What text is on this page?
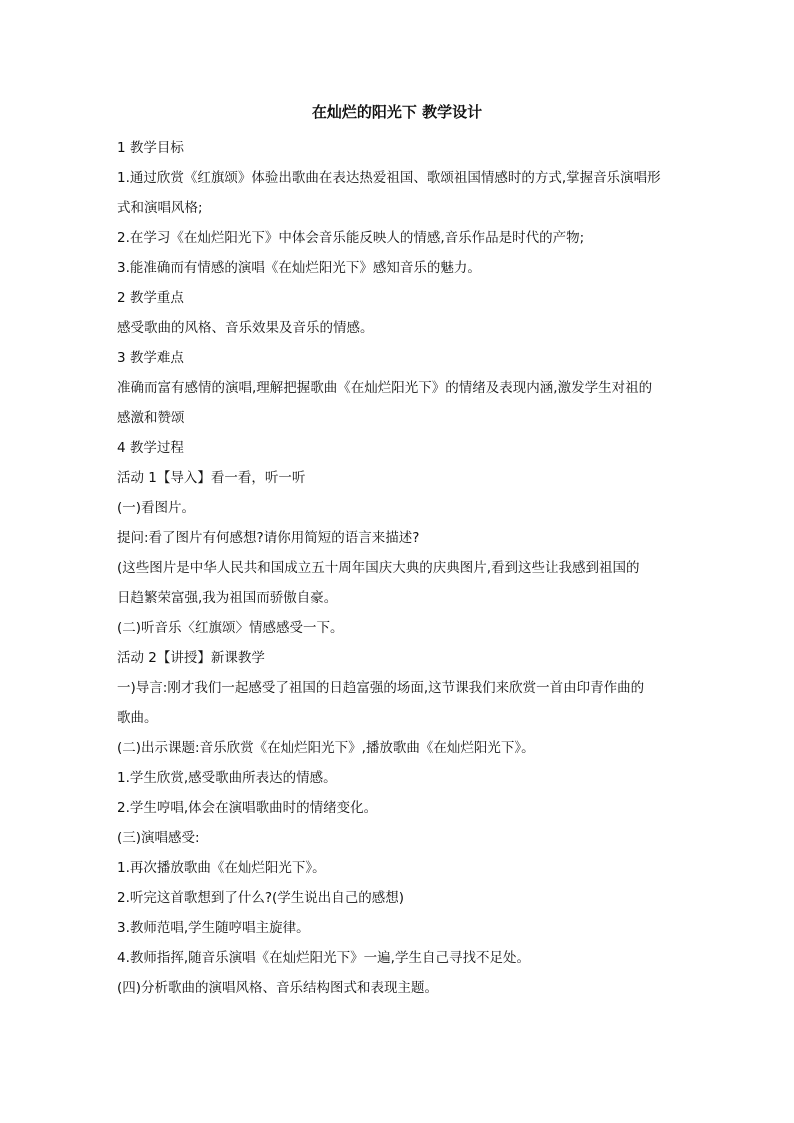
在灿烂的阳光下 教学设计

1 教学目标

1.通过欣赏《红旗颂》体验出歌曲在表达热爱祖国、歌颂祖国情感时的方式,掌握音乐演唱形

式和演唱风格;

2.在学习《在灿烂阳光下》中体会音乐能反映人的情感,音乐作品是时代的产物;

3.能准确而有情感的演唱《在灿烂阳光下》感知音乐的魅力。

2 教学重点

感受歌曲的风格、音乐效果及音乐的情感。

3 教学难点

准确而富有感情的演唱,理解把握歌曲《在灿烂阳光下》的情绪及表现内涵,激发学生对祖的

感激和赞颂

4 教学过程

活动 1【导入】看一看，听一听

(一)看图片。

提问:看了图片有何感想?请你用简短的语言来描述?

(这些图片是中华人民共和国成立五十周年国庆大典的庆典图片,看到这些让我感到祖国的

日趋繁荣富强,我为祖国而骄傲自豪。

(二)听音乐〈红旗颂〉情感感受一下。

活动 2【讲授】新课教学

一)导言:刚才我们一起感受了祖国的日趋富强的场面,这节课我们来欣赏一首由印青作曲的

歌曲。

(二)出示课题:音乐欣赏《在灿烂阳光下》,播放歌曲《在灿烂阳光下》。

1.学生欣赏,感受歌曲所表达的情感。

2.学生哼唱,体会在演唱歌曲时的情绪变化。

(三)演唱感受:

1.再次播放歌曲《在灿烂阳光下》。

2.听完这首歌想到了什么?(学生说出自己的感想)

3.教师范唱,学生随哼唱主旋律。

4.教师指挥,随音乐演唱《在灿烂阳光下》一遍,学生自己寻找不足处。

(四)分析歌曲的演唱风格、音乐结构图式和表现主题。
